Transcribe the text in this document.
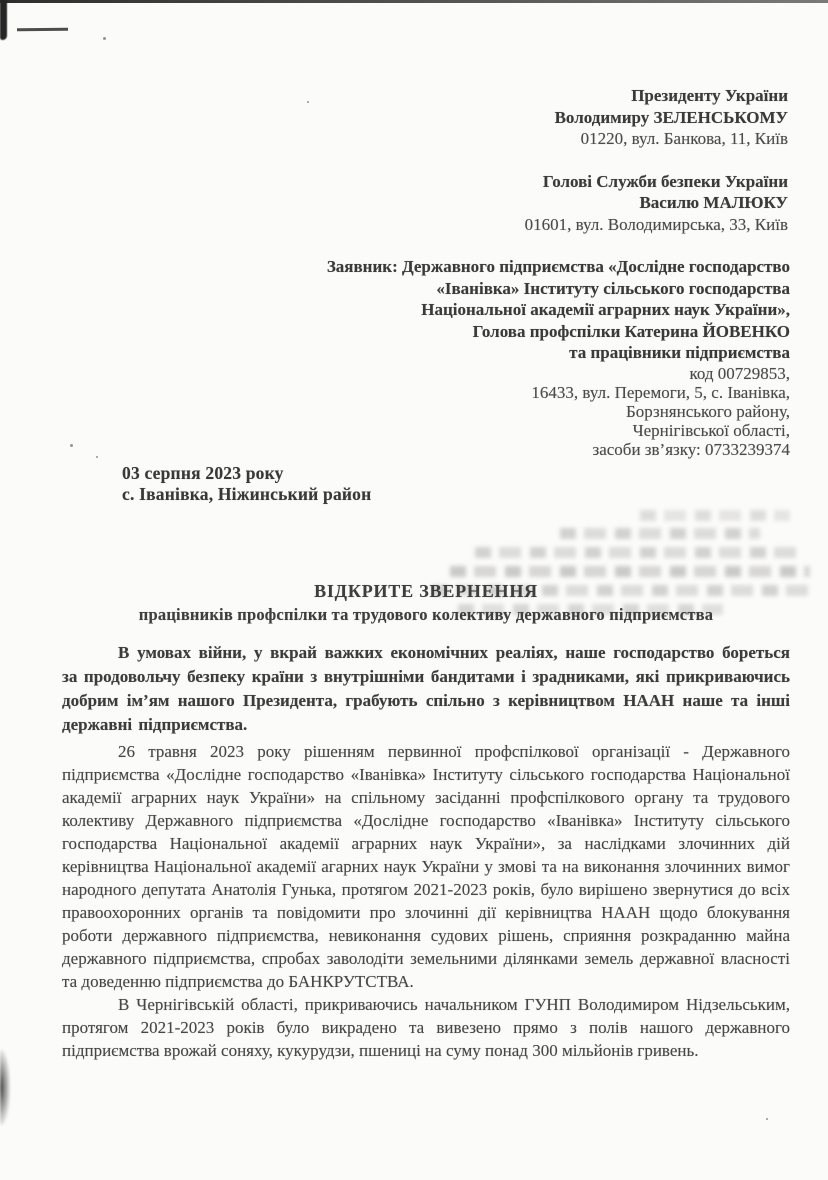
Президенту України
Володимиру ЗЕЛЕНСЬКОМУ
01220, вул. Банкова, 11, Київ
Голові Служби безпеки України
Василю МАЛЮКУ
01601, вул. Володимирська, 33, Київ
Заявник: Державного підприємства «Дослідне господарство
«Іванівка» Інституту сільського господарства
Національної академії аграрних наук України»,
Голова профспілки Катерина ЙОВЕНКО
та працівники підприємства
код 00729853,
16433, вул. Перемоги, 5, с. Іванівка,
Борзнянського району,
Чернігівської області,
засоби зв’язку: 0733239374
03 серпня 2023 року
с. Іванівка, Ніжинський район
ВІДКРИТЕ ЗВЕРНЕННЯ
працівників профспілки та трудового колективу державного підприємства

В умовах війни, у вкрай важких економічних реаліях, наше господарство бореться за продовольчу безпеку країни з внутрішніми бандитами і зрадниками, які прикриваючись добрим ім’ям нашого Президента, грабують спільно з керівництвом НААН наше та інші державні підприємства.

26 травня 2023 року рішенням первинної профспілкової організації - Державного підприємства «Дослідне господарство «Іванівка» Інституту сільського господарства Національної академії аграрних наук України» на спільному засіданні профспілкового органу та трудового колективу Державного підприємства «Дослідне господарство «Іванівка» Інституту сільського господарства Національної академії аграрних наук України», за наслідками злочинних дій керівництва Національної академії агарних наук України у змові та на виконання злочинних вимог народного депутата Анатолія Гунька, протягом 2021-2023 років, було вирішено звернутися до всіх правоохоронних органів та повідомити про злочинні дії керівництва НААН щодо блокування роботи державного підприємства, невиконання судових рішень, сприяння розкраданню майна державного підприємства, спробах заволодіти земельними ділянками земель державної власності та доведенню підприємства до БАНКРУТСТВА.

В Чернігівській області, прикриваючись начальником ГУНП Володимиром Нідзельським, протягом 2021-2023 років було викрадено та вивезено прямо з полів нашого державного підприємства врожай соняху, кукурудзи, пшениці на суму понад 300 мільйонів гривень.
